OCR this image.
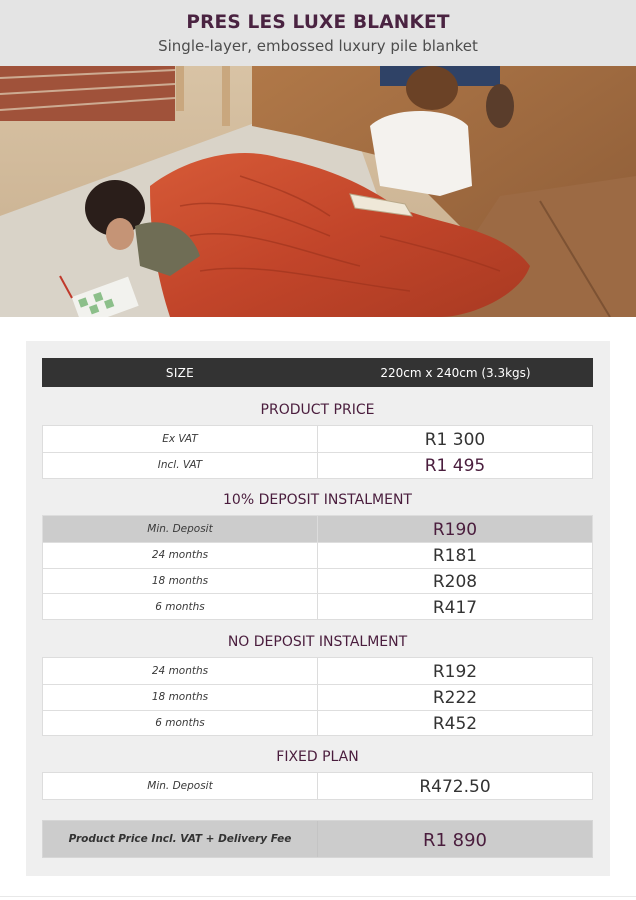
PRES LES LUXE BLANKET
Single-layer, embossed luxury pile blanket
SIZE	220cm x 240cm (3.3kgs)
PRODUCT PRICE
Ex VAT	R1 300
Incl. VAT	R1 495
10% DEPOSIT INSTALMENT
Min. Deposit	R190
24 months	R181
18 months	R208
6 months	R417
NO DEPOSIT INSTALMENT
24 months	R192
18 months	R222
6 months	R452
FIXED PLAN
Min. Deposit	R472.50
Product Price Incl. VAT + Delivery Fee	R1 890
